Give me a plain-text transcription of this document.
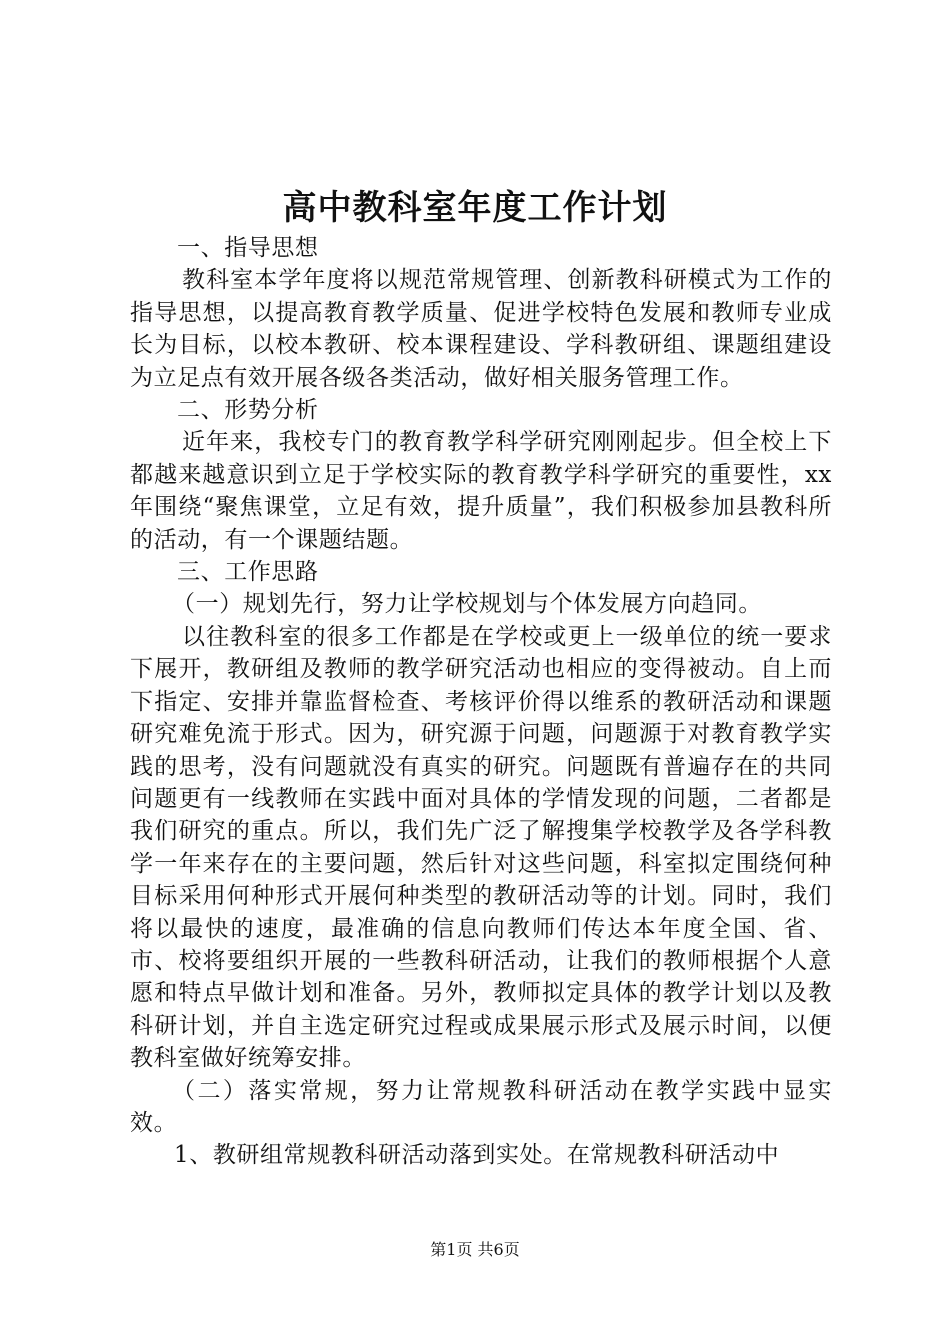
高中教科室年度工作计划

一、指导思想

教科室本学年度将以规范常规管理、创新教科研模式为工作的指导思想，以提高教育教学质量、促进学校特色发展和教师专业成长为目标，以校本教研、校本课程建设、学科教研组、课题组建设为立足点有效开展各级各类活动，做好相关服务管理工作。

二、形势分析

近年来，我校专门的教育教学科学研究刚刚起步。但全校上下都越来越意识到立足于学校实际的教育教学科学研究的重要性，xx年围绕“聚焦课堂，立足有效，提升质量”，我们积极参加县教科所的活动，有一个课题结题。

三、工作思路

（一）规划先行，努力让学校规划与个体发展方向趋同。

以往教科室的很多工作都是在学校或更上一级单位的统一要求下展开，教研组及教师的教学研究活动也相应的变得被动。自上而下指定、安排并靠监督检查、考核评价得以维系的教研活动和课题研究难免流于形式。因为，研究源于问题，问题源于对教育教学实践的思考，没有问题就没有真实的研究。问题既有普遍存在的共同问题更有一线教师在实践中面对具体的学情发现的问题，二者都是我们研究的重点。所以，我们先广泛了解搜集学校教学及各学科教学一年来存在的主要问题，然后针对这些问题，科室拟定围绕何种目标采用何种形式开展何种类型的教研活动等的计划。同时，我们将以最快的速度，最准确的信息向教师们传达本年度全国、省、市、校将要组织开展的一些教科研活动，让我们的教师根据个人意愿和特点早做计划和准备。另外，教师拟定具体的教学计划以及教科研计划，并自主选定研究过程或成果展示形式及展示时间，以便教科室做好统筹安排。

（二）落实常规，努力让常规教科研活动在教学实践中显实效。

1、教研组常规教科研活动落到实处。在常规教科研活动中

第1页 共6页
